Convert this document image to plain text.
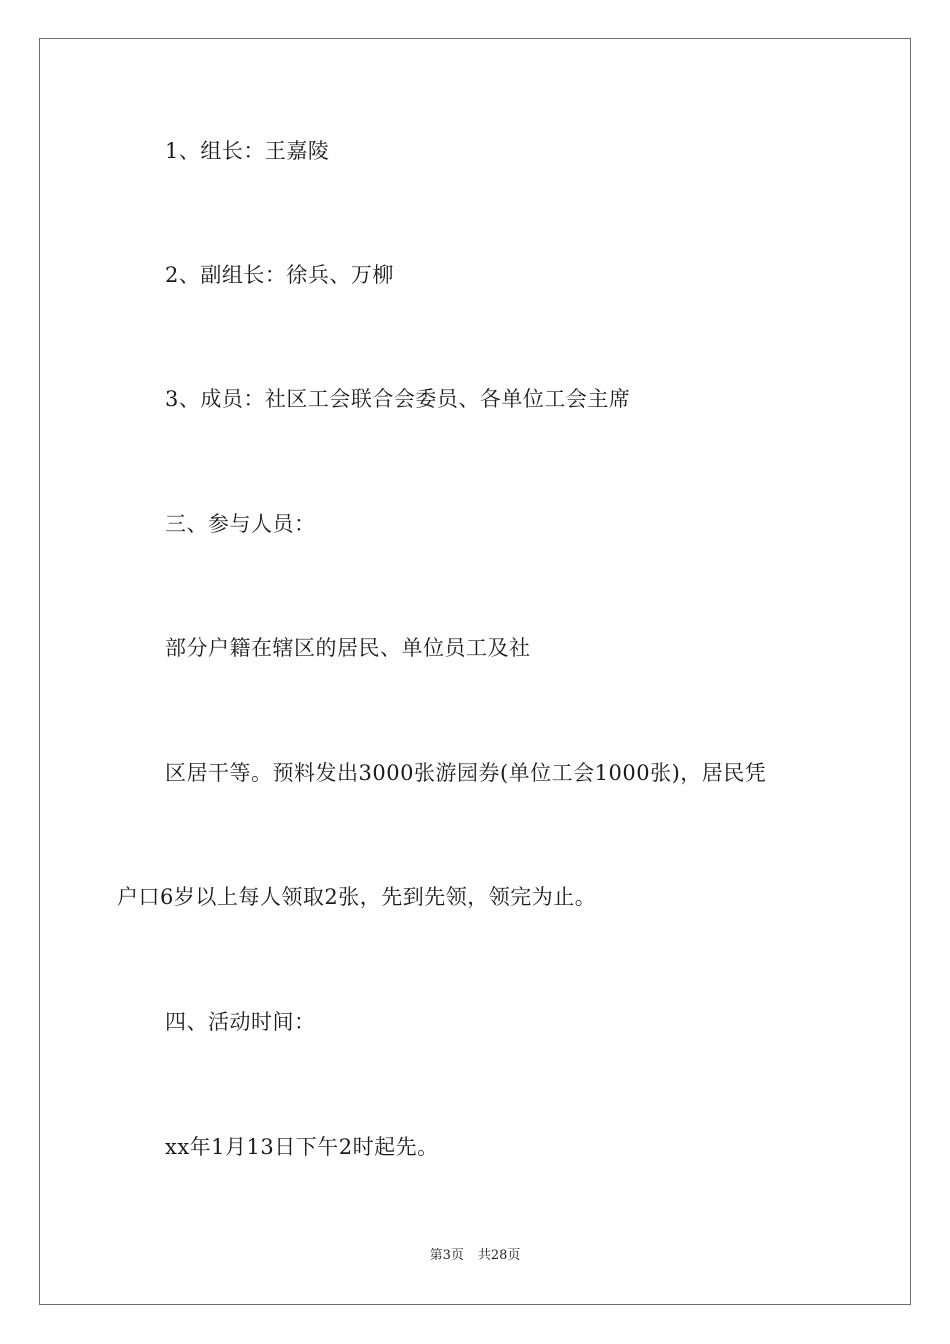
1、组长：王嘉陵
2、副组长：徐兵、万柳
3、成员：社区工会联合会委员、各单位工会主席
三、参与人员：
部分户籍在辖区的居民、单位员工及社
区居干等。预料发出3000张游园券(单位工会1000张)，居民凭
户口6岁以上每人领取2张，先到先领，领完为止。
四、活动时间：
xx年1月13日下午2时起先。
第3页 共28页
